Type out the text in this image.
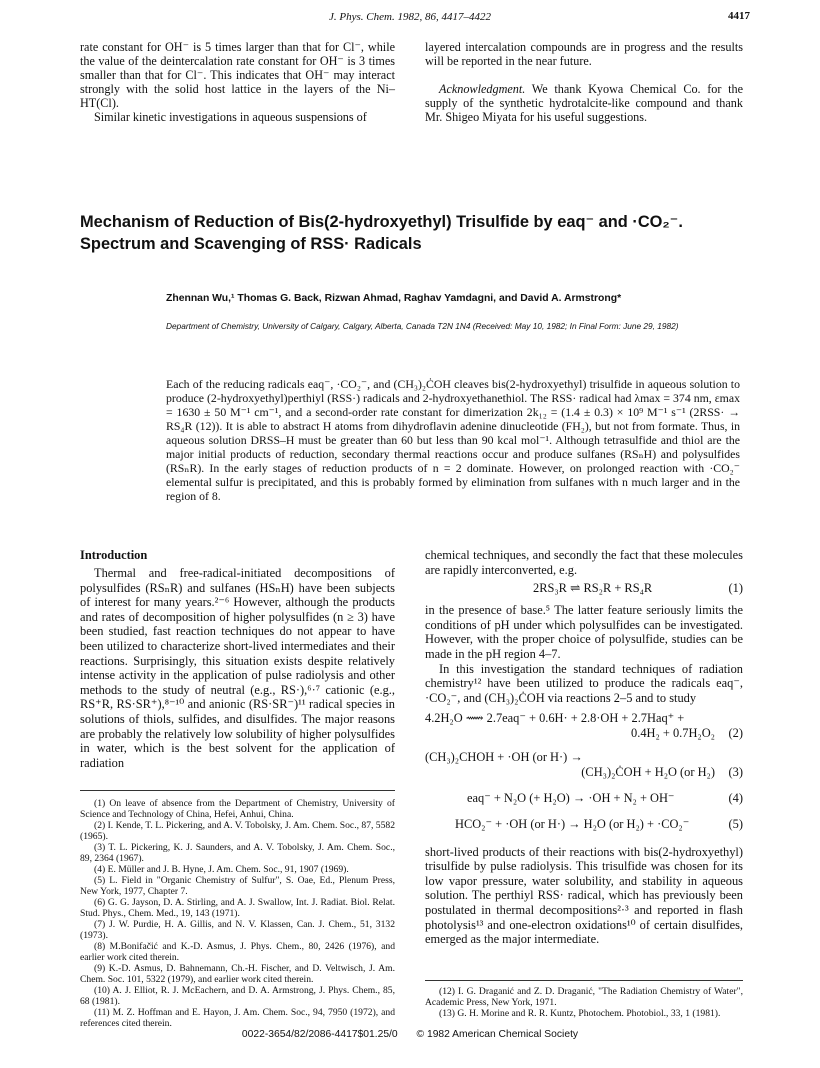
J. Phys. Chem. 1982, 86, 4417–4422	4417

rate constant for OH⁻ is 5 times larger than that for Cl⁻, while the value of the deintercalation rate constant for OH⁻ is 3 times smaller than that for Cl⁻. This indicates that OH⁻ may interact strongly with the solid host lattice in the layers of the Ni–HT(Cl).

Similar kinetic investigations in aqueous suspensions of

layered intercalation compounds are in progress and the results will be reported in the near future.

Acknowledgment. We thank Kyowa Chemical Co. for the supply of the synthetic hydrotalcite-like compound and thank Mr. Shigeo Miyata for his useful suggestions.

Mechanism of Reduction of Bis(2-hydroxyethyl) Trisulfide by eaq⁻ and ·CO₂⁻. Spectrum and Scavenging of RSS· Radicals
Zhennan Wu,¹ Thomas G. Back, Rizwan Ahmad, Raghav Yamdagni, and David A. Armstrong*
Department of Chemistry, University of Calgary, Calgary, Alberta, Canada T2N 1N4 (Received: May 10, 1982; In Final Form: June 29, 1982)
Each of the reducing radicals eaq⁻, ·CO₂⁻, and (CH₃)₂ĊOH cleaves bis(2-hydroxyethyl) trisulfide in aqueous solution to produce (2-hydroxyethyl)perthiyl (RSS·) radicals and 2-hydroxyethanethiol. The RSS· radical had λmax = 374 nm, εmax = 1630 ± 50 M⁻¹ cm⁻¹, and a second-order rate constant for dimerization 2k₁₂ = (1.4 ± 0.3) × 10⁹ M⁻¹ s⁻¹ (2RSS· → RS₄R (12)). It is able to abstract H atoms from dihydroflavin adenine dinucleotide (FH₂), but not from formate. Thus, in aqueous solution DRSS–H must be greater than 60 but less than 90 kcal mol⁻¹. Although tetrasulfide and thiol are the major initial products of reduction, secondary thermal reactions occur and produce sulfanes (RSₙH) and polysulfides (RSₙR). In the early stages of reduction products of n = 2 dominate. However, on prolonged reaction with ·CO₂⁻ elemental sulfur is precipitated, and this is probably formed by elimination from sulfanes with n much larger and in the region of 8.
Introduction

Thermal and free-radical-initiated decompositions of polysulfides (RSₙR) and sulfanes (HSₙH) have been subjects of interest for many years.²⁻⁶ However, although the products and rates of decomposition of higher polysulfides (n ≥ 3) have been studied, fast reaction techniques do not appear to have been utilized to characterize short-lived intermediates and their reactions. Surprisingly, this situation exists despite relatively intense activity in the application of pulse radiolysis and other methods to the study of neutral (e.g., RS·),⁶·⁷ cationic (e.g., RS⁺R, RS·SR⁺),⁸⁻¹⁰ and anionic (RS·SR⁻)¹¹ radical species in solutions of thiols, sulfides, and disulfides. The major reasons are probably the relatively low solubility of higher polysulfides in water, which is the best solvent for the application of radiation

(1) On leave of absence from the Department of Chemistry, University of Science and Technology of China, Hefei, Anhui, China.

(2) I. Kende, T. L. Pickering, and A. V. Tobolsky, J. Am. Chem. Soc., 87, 5582 (1965).

(3) T. L. Pickering, K. J. Saunders, and A. V. Tobolsky, J. Am. Chem. Soc., 89, 2364 (1967).

(4) E. Müller and J. B. Hyne, J. Am. Chem. Soc., 91, 1907 (1969).

(5) L. Field in "Organic Chemistry of Sulfur", S. Oae, Ed., Plenum Press, New York, 1977, Chapter 7.

(6) G. G. Jayson, D. A. Stirling, and A. J. Swallow, Int. J. Radiat. Biol. Relat. Stud. Phys., Chem. Med., 19, 143 (1971).

(7) J. W. Purdie, H. A. Gillis, and N. V. Klassen, Can. J. Chem., 51, 3132 (1973).

(8) M.Bonifačić and K.-D. Asmus, J. Phys. Chem., 80, 2426 (1976), and earlier work cited therein.

(9) K.-D. Asmus, D. Bahnemann, Ch.-H. Fischer, and D. Veltwisch, J. Am. Chem. Soc. 101, 5322 (1979), and earlier work cited therein.

(10) A. J. Elliot, R. J. McEachern, and D. A. Armstrong, J. Phys. Chem., 85, 68 (1981).

(11) M. Z. Hoffman and E. Hayon, J. Am. Chem. Soc., 94, 7950 (1972), and references cited therein.

chemical techniques, and secondly the fact that these molecules are rapidly interconverted, e.g.

2RS₃R ⇌ RS₂R + RS₄R	(1)

in the presence of base.⁵ The latter feature seriously limits the conditions of pH under which polysulfides can be investigated. However, with the proper choice of polysulfide, studies can be made in the pH region 4–7.

In this investigation the standard techniques of radiation chemistry¹² have been utilized to produce the radicals eaq⁻, ·CO₂⁻, and (CH₃)₂ĊOH via reactions 2–5 and to study

4.2H₂O ⟿ 2.7eaq⁻ + 0.6H· + 2.8·OH + 2.7Haq⁺ +
0.4H₂ + 0.7H₂O₂ (2)
(CH₃)₂CHOH + ·OH (or H·) →
(CH₃)₂ĊOH + H₂O (or H₂) (3)
eaq⁻ + N₂O (+ H₂O) → ·OH + N₂ + OH⁻	(4)
HCO₂⁻ + ·OH (or H·) → H₂O (or H₂) + ·CO₂⁻	(5)

short-lived products of their reactions with bis(2-hydroxyethyl) trisulfide by pulse radiolysis. This trisulfide was chosen for its low vapor pressure, water solubility, and stability in aqueous solution. The perthiyl RSS· radical, which has previously been postulated in thermal decompositions²·³ and reported in flash photolysis¹³ and one-electron oxidations¹⁰ of certain disulfides, emerged as the major intermediate.

(12) I. G. Draganić and Z. D. Draganić, "The Radiation Chemistry of Water", Academic Press, New York, 1971.

(13) G. H. Morine and R. R. Kuntz, Photochem. Photobiol., 33, 1 (1981).

0022-3654/82/2086-4417$01.25/0 © 1982 American Chemical Society
